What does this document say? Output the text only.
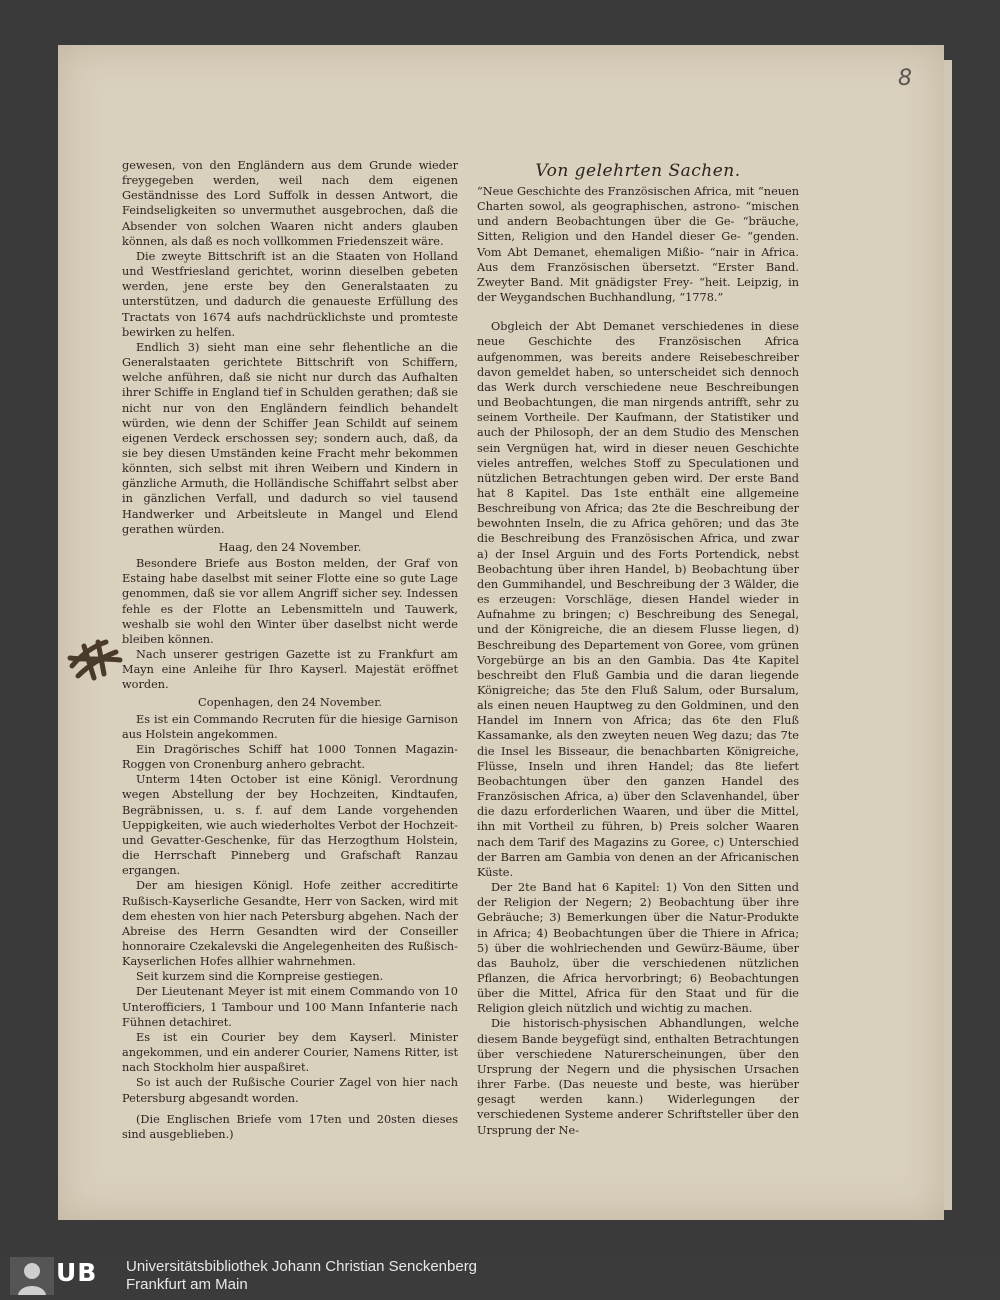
8

gewesen, von den Engländern aus dem Grunde wieder freygegeben werden, weil nach dem eigenen Geständnisse des Lord Suffolk in dessen Antwort, die Feindseligkeiten so unvermuthet ausgebrochen, daß die Absender von solchen Waaren nicht anders glauben können, als daß es noch vollkommen Friedenszeit wäre.

Die zweyte Bittschrift ist an die Staaten von Holland und Westfriesland gerichtet, worinn dieselben gebeten werden, jene erste bey den Generalstaaten zu unterstützen, und dadurch die genaueste Erfüllung des Tractats von 1674 aufs nachdrücklichste und promteste bewirken zu helfen.

Endlich 3) sieht man eine sehr flehentliche an die Generalstaaten gerichtete Bittschrift von Schiffern, welche anführen, daß sie nicht nur durch das Aufhalten ihrer Schiffe in England tief in Schulden gerathen; daß sie nicht nur von den Engländern feindlich behandelt würden, wie denn der Schiffer Jean Schildt auf seinem eigenen Verdeck erschossen sey; sondern auch, daß, da sie bey diesen Umständen keine Fracht mehr bekommen könnten, sich selbst mit ihren Weibern und Kindern in gänzliche Armuth, die Holländische Schiffahrt selbst aber in gänzlichen Verfall, und dadurch so viel tausend Handwerker und Arbeitsleute in Mangel und Elend gerathen würden.

Haag, den 24 November.

Besondere Briefe aus Boston melden, der Graf von Estaing habe daselbst mit seiner Flotte eine so gute Lage genommen, daß sie vor allem Angriff sicher sey. Indessen fehle es der Flotte an Lebensmitteln und Tauwerk, weshalb sie wohl den Winter über daselbst nicht werde bleiben können.

Nach unserer gestrigen Gazette ist zu Frankfurt am Mayn eine Anleihe für Ihro Kayserl. Majestät eröffnet worden.

Copenhagen, den 24 November.

Es ist ein Commando Recruten für die hiesige Garnison aus Holstein angekommen.

Ein Dragörisches Schiff hat 1000 Tonnen Magazin-Roggen von Cronenburg anhero gebracht.

Unterm 14ten October ist eine Königl. Verordnung wegen Abstellung der bey Hochzeiten, Kindtaufen, Begräbnissen, u. s. f. auf dem Lande vorgehenden Ueppigkeiten, wie auch wiederholtes Verbot der Hochzeit- und Gevatter-Geschenke, für das Herzogthum Holstein, die Herrschaft Pinneberg und Grafschaft Ranzau ergangen.

Der am hiesigen Königl. Hofe zeither accreditirte Rußisch-Kayserliche Gesandte, Herr von Sacken, wird mit dem ehesten von hier nach Petersburg abgehen. Nach der Abreise des Herrn Gesandten wird der Conseiller honnoraire Czekalevski die Angelegenheiten des Rußisch-Kayserlichen Hofes allhier wahrnehmen.

Seit kurzem sind die Kornpreise gestiegen.

Der Lieutenant Meyer ist mit einem Commando von 10 Unterofficiers, 1 Tambour und 100 Mann Infanterie nach Fühnen detachiret.

Es ist ein Courier bey dem Kayserl. Minister angekommen, und ein anderer Courier, Namens Ritter, ist nach Stockholm hier auspaßiret.

So ist auch der Rußische Courier Zagel von hier nach Petersburg abgesandt worden.

(Die Englischen Briefe vom 17ten und 20sten dieses sind ausgeblieben.)

Von gelehrten Sachen.

“Neue Geschichte des Französischen Africa, mit “neuen Charten sowol, als geographischen, astrono- “mischen und andern Beobachtungen über die Ge- “bräuche, Sitten, Religion und den Handel dieser Ge- “genden. Vom Abt Demanet, ehemaligen Mißio- “nair in Africa. Aus dem Französischen übersetzt. “Erster Band. Zweyter Band. Mit gnädigster Frey- “heit. Leipzig, in der Weygandschen Buchhandlung, “1778.”

Obgleich der Abt Demanet verschiedenes in diese neue Geschichte des Französischen Africa aufgenommen, was bereits andere Reisebeschreiber davon gemeldet haben, so unterscheidet sich dennoch das Werk durch verschiedene neue Beschreibungen und Beobachtungen, die man nirgends antrifft, sehr zu seinem Vortheile. Der Kaufmann, der Statistiker und auch der Philosoph, der an dem Studio des Menschen sein Vergnügen hat, wird in dieser neuen Geschichte vieles antreffen, welches Stoff zu Speculationen und nützlichen Betrachtungen geben wird. Der erste Band hat 8 Kapitel. Das 1ste enthält eine allgemeine Beschreibung von Africa; das 2te die Beschreibung der bewohnten Inseln, die zu Africa gehören; und das 3te die Beschreibung des Französischen Africa, und zwar a) der Insel Arguin und des Forts Portendick, nebst Beobachtung über ihren Handel, b) Beobachtung über den Gummihandel, und Beschreibung der 3 Wälder, die es erzeugen: Vorschläge, diesen Handel wieder in Aufnahme zu bringen; c) Beschreibung des Senegal, und der Königreiche, die an diesem Flusse liegen, d) Beschreibung des Departement von Goree, vom grünen Vorgebürge an bis an den Gambia. Das 4te Kapitel beschreibt den Fluß Gambia und die daran liegende Königreiche; das 5te den Fluß Salum, oder Bursalum, als einen neuen Hauptweg zu den Goldminen, und den Handel im Innern von Africa; das 6te den Fluß Kassamanke, als den zweyten neuen Weg dazu; das 7te die Insel les Bisseaur, die benachbarten Königreiche, Flüsse, Inseln und ihren Handel; das 8te liefert Beobachtungen über den ganzen Handel des Französischen Africa, a) über den Sclavenhandel, über die dazu erforderlichen Waaren, und über die Mittel, ihn mit Vortheil zu führen, b) Preis solcher Waaren nach dem Tarif des Magazins zu Goree, c) Unterschied der Barren am Gambia von denen an der Africanischen Küste.

Der 2te Band hat 6 Kapitel: 1) Von den Sitten und der Religion der Negern; 2) Beobachtung über ihre Gebräuche; 3) Bemerkungen über die Natur-Produkte in Africa; 4) Beobachtungen über die Thiere in Africa; 5) über die wohlriechenden und Gewürz-Bäume, über das Bauholz, über die verschiedenen nützlichen Pflanzen, die Africa hervorbringt; 6) Beobachtungen über die Mittel, Africa für den Staat und für die Religion gleich nützlich und wichtig zu machen.

Die historisch-physischen Abhandlungen, welche diesem Bande beygefügt sind, enthalten Betrachtungen über verschiedene Naturerscheinungen, über den Ursprung der Negern und die physischen Ursachen ihrer Farbe. (Das neueste und beste, was hierüber gesagt werden kann.) Widerlegungen der verschiedenen Systeme anderer Schriftsteller über den Ursprung der Ne-

UB Universitätsbibliothek Johann Christian Senckenberg
Frankfurt am Main
